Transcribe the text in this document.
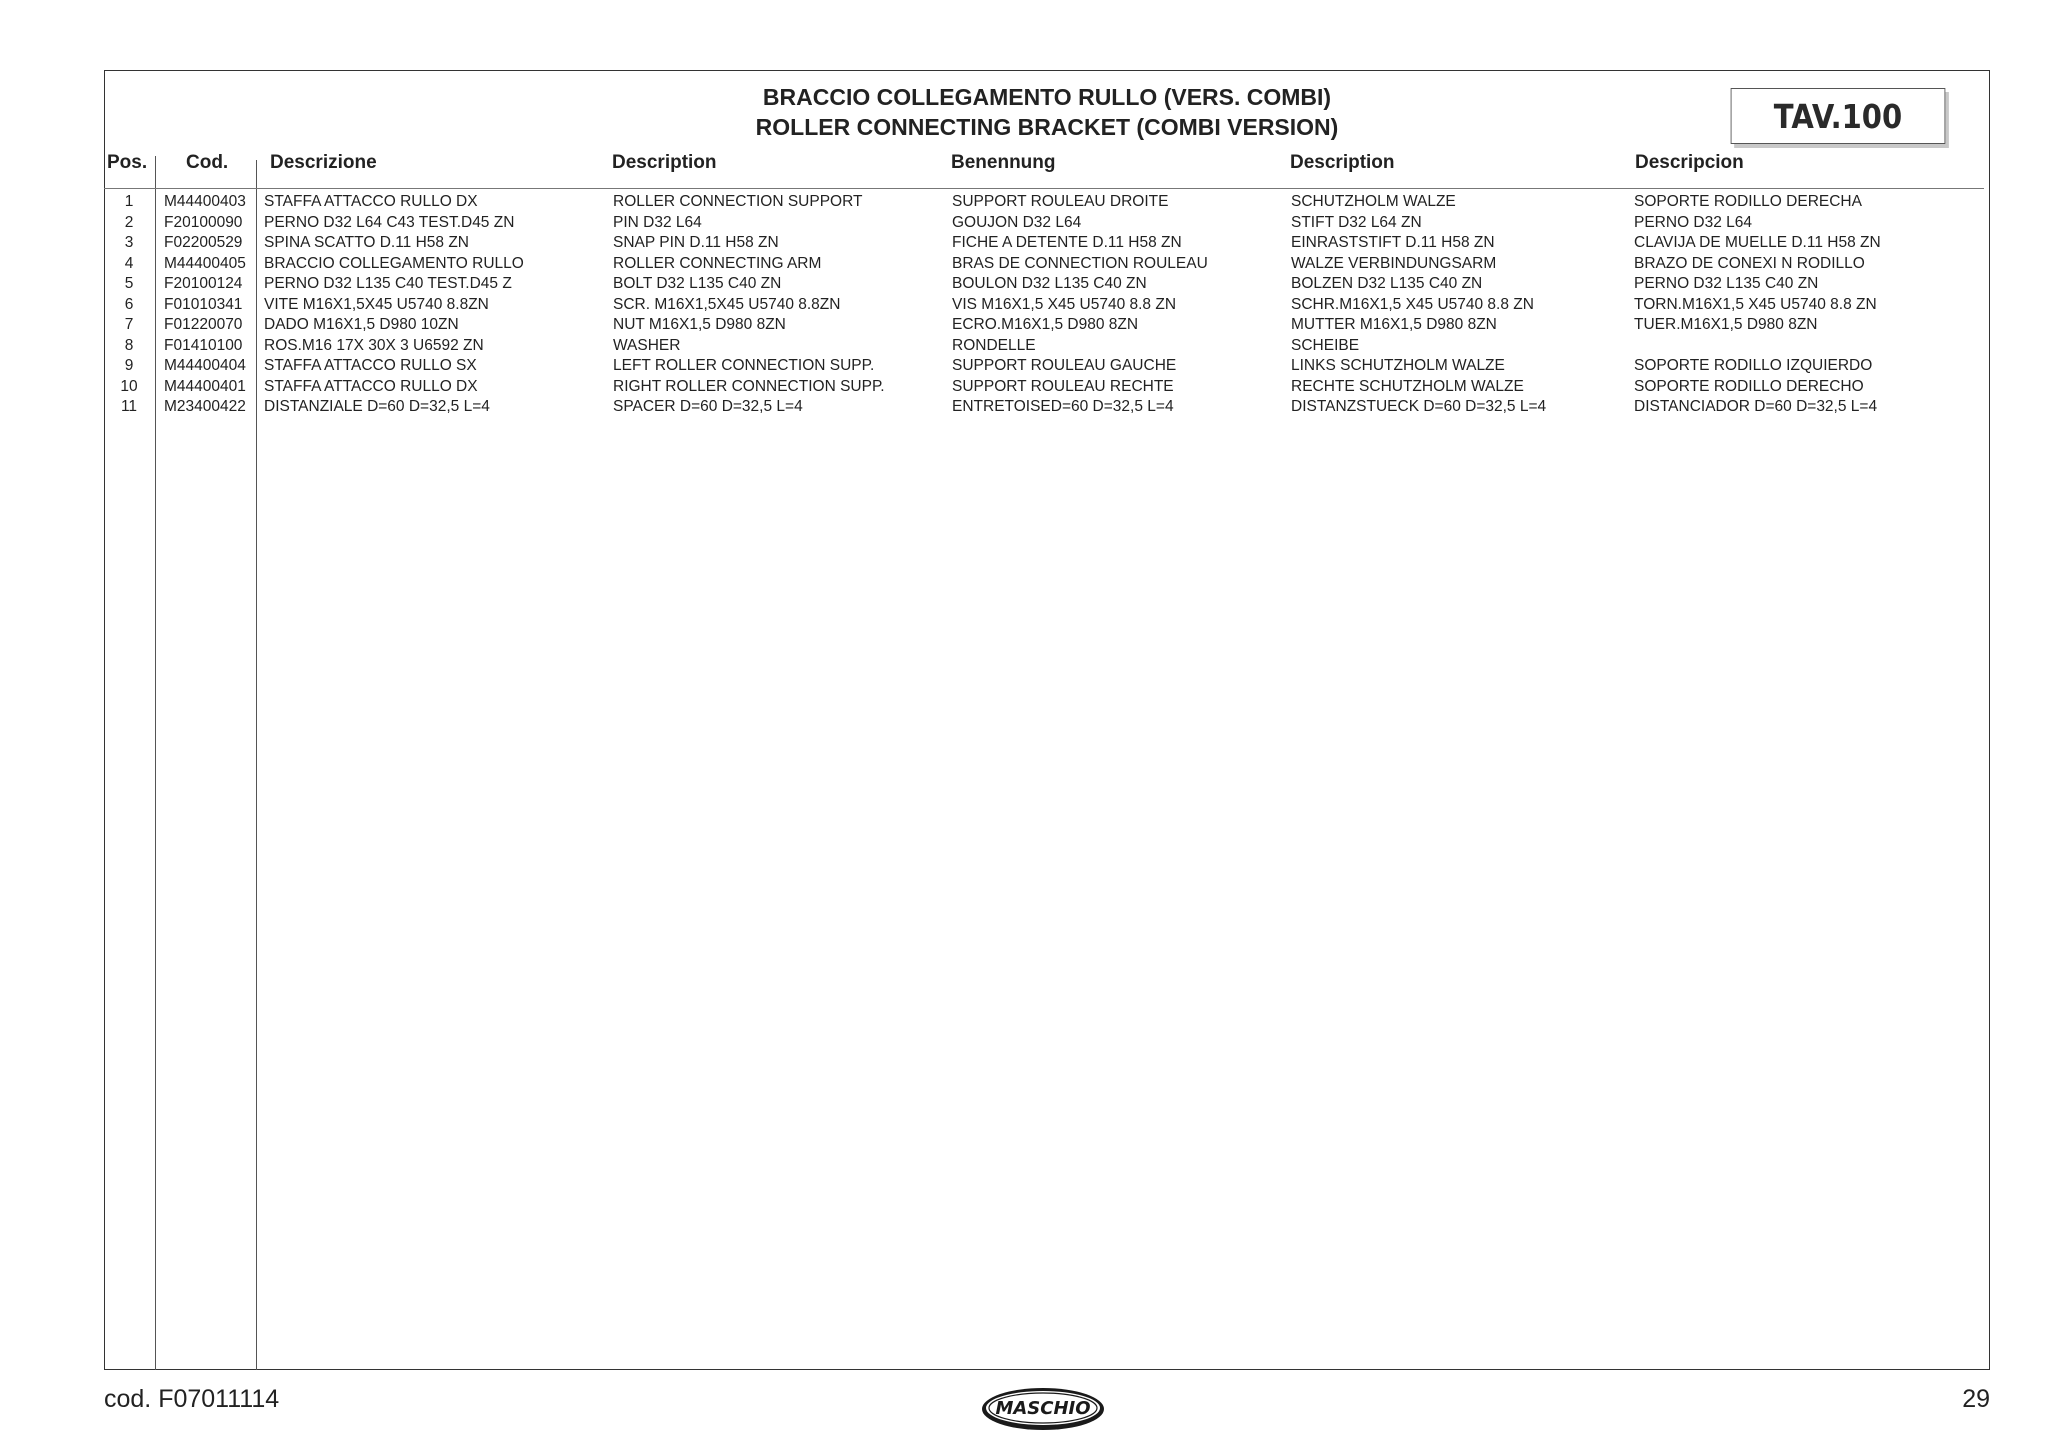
BRACCIO COLLEGAMENTO RULLO (VERS. COMBI)
ROLLER CONNECTING BRACKET (COMBI VERSION)	TAV.100
Pos. Cod. Descrizione	Description	Benennung	Description	Descripcion
1	M44400403 STAFFA ATTACCO RULLO DX	ROLLER CONNECTION SUPPORT	SUPPORT ROULEAU DROITE	SCHUTZHOLM WALZE	SOPORTE RODILLO DERECHA
2	F20100090 PERNO D32 L64 C43 TEST.D45 ZN	PIN D32 L64	GOUJON D32 L64	STIFT D32 L64 ZN	PERNO D32 L64
3	F02200529 SPINA SCATTO D.11 H58 ZN	SNAP PIN D.11 H58 ZN	FICHE A DETENTE D.11 H58 ZN	EINRASTSTIFT D.11 H58 ZN	CLAVIJA DE MUELLE D.11 H58 ZN
4	M44400405 BRACCIO COLLEGAMENTO RULLO	ROLLER CONNECTING ARM	BRAS DE CONNECTION ROULEAU	WALZE VERBINDUNGSARM	BRAZO DE CONEXI N RODILLO
5	F20100124 PERNO D32 L135 C40 TEST.D45 Z	BOLT D32 L135 C40 ZN	BOULON D32 L135 C40 ZN	BOLZEN D32 L135 C40 ZN	PERNO D32 L135 C40 ZN
6	F01010341 VITE M16X1,5X45 U5740 8.8ZN	SCR. M16X1,5X45 U5740 8.8ZN	VIS M16X1,5 X45 U5740 8.8 ZN	SCHR.M16X1,5 X45 U5740 8.8 ZN	TORN.M16X1,5 X45 U5740 8.8 ZN
7	F01220070 DADO M16X1,5 D980 10ZN	NUT M16X1,5 D980 8ZN	ECRO.M16X1,5 D980 8ZN	MUTTER M16X1,5 D980 8ZN	TUER.M16X1,5 D980 8ZN
8	F01410100 ROS.M16 17X 30X 3 U6592 ZN	WASHER	RONDELLE	SCHEIBE
9	M44400404 STAFFA ATTACCO RULLO SX	LEFT ROLLER CONNECTION SUPP.	SUPPORT ROULEAU GAUCHE	LINKS SCHUTZHOLM WALZE	SOPORTE RODILLO IZQUIERDO
10	M44400401 STAFFA ATTACCO RULLO DX	RIGHT ROLLER CONNECTION SUPP.	SUPPORT ROULEAU RECHTE	RECHTE SCHUTZHOLM WALZE	SOPORTE RODILLO DERECHO
11	M23400422 DISTANZIALE D=60 D=32,5 L=4	SPACER D=60 D=32,5 L=4	ENTRETOISED=60 D=32,5 L=4	DISTANZSTUECK D=60 D=32,5 L=4	DISTANCIADOR D=60 D=32,5 L=4
cod. F07011114	29
MASCHIO
